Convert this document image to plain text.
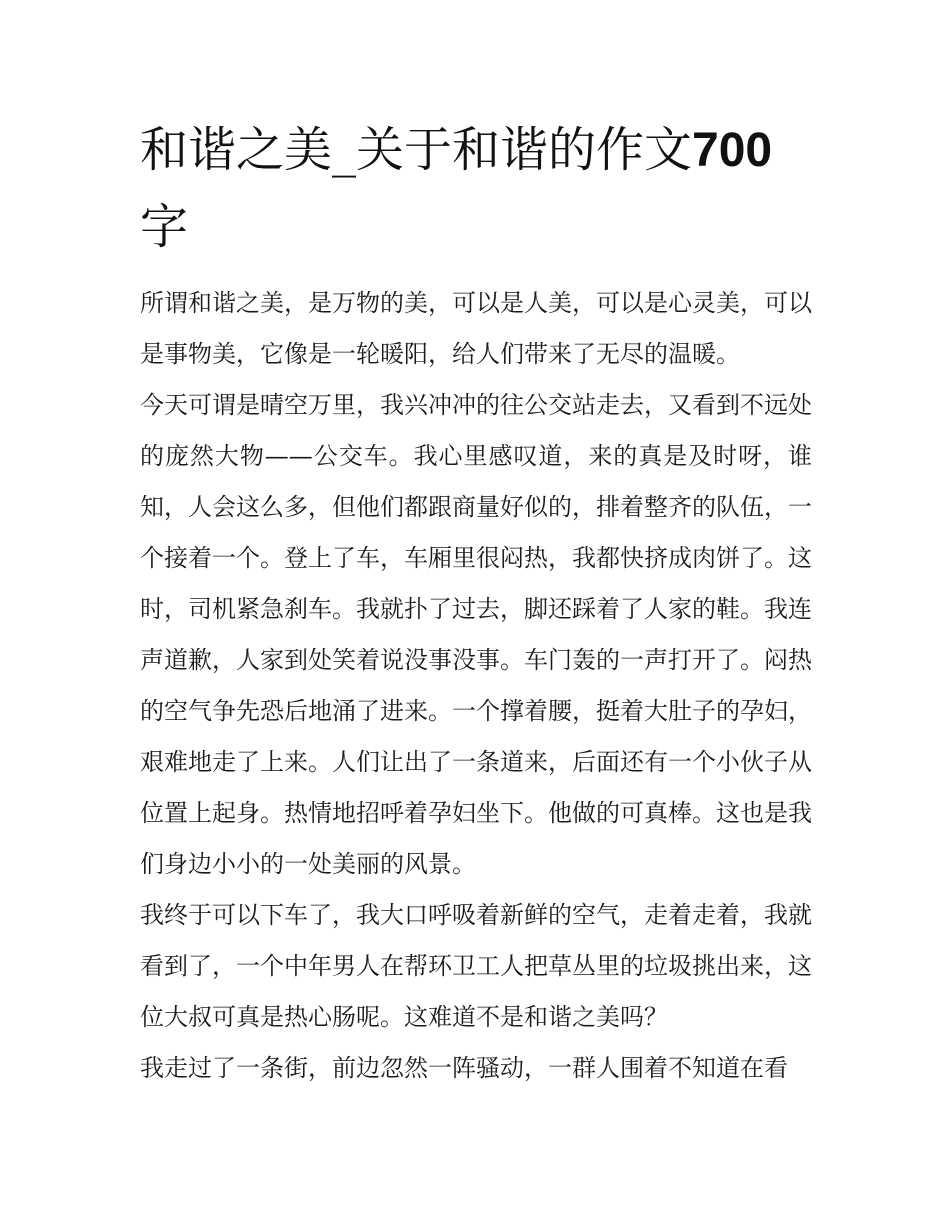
和谐之美_关于和谐的作文700
字

所谓和谐之美，是万物的美，可以是人美，可以是心灵美，可以是事物美，它像是一轮暖阳，给人们带来了无尽的温暖。

今天可谓是晴空万里，我兴冲冲的往公交站走去，又看到不远处的庞然大物——公交车。我心里感叹道，来的真是及时呀，谁知，人会这么多，但他们都跟商量好似的，排着整齐的队伍，一个接着一个。登上了车，车厢里很闷热，我都快挤成肉饼了。这时，司机紧急刹车。我就扑了过去，脚还踩着了人家的鞋。我连声道歉，人家到处笑着说没事没事。车门轰的一声打开了。闷热的空气争先恐后地涌了进来。一个撑着腰，挺着大肚子的孕妇，艰难地走了上来。人们让出了一条道来，后面还有一个小伙子从位置上起身。热情地招呼着孕妇坐下。他做的可真棒。这也是我们身边小小的一处美丽的风景。

我终于可以下车了，我大口呼吸着新鲜的空气，走着走着，我就看到了，一个中年男人在帮环卫工人把草丛里的垃圾挑出来，这位大叔可真是热心肠呢。这难道不是和谐之美吗？

我走过了一条街，前边忽然一阵骚动，一群人围着不知道在看
